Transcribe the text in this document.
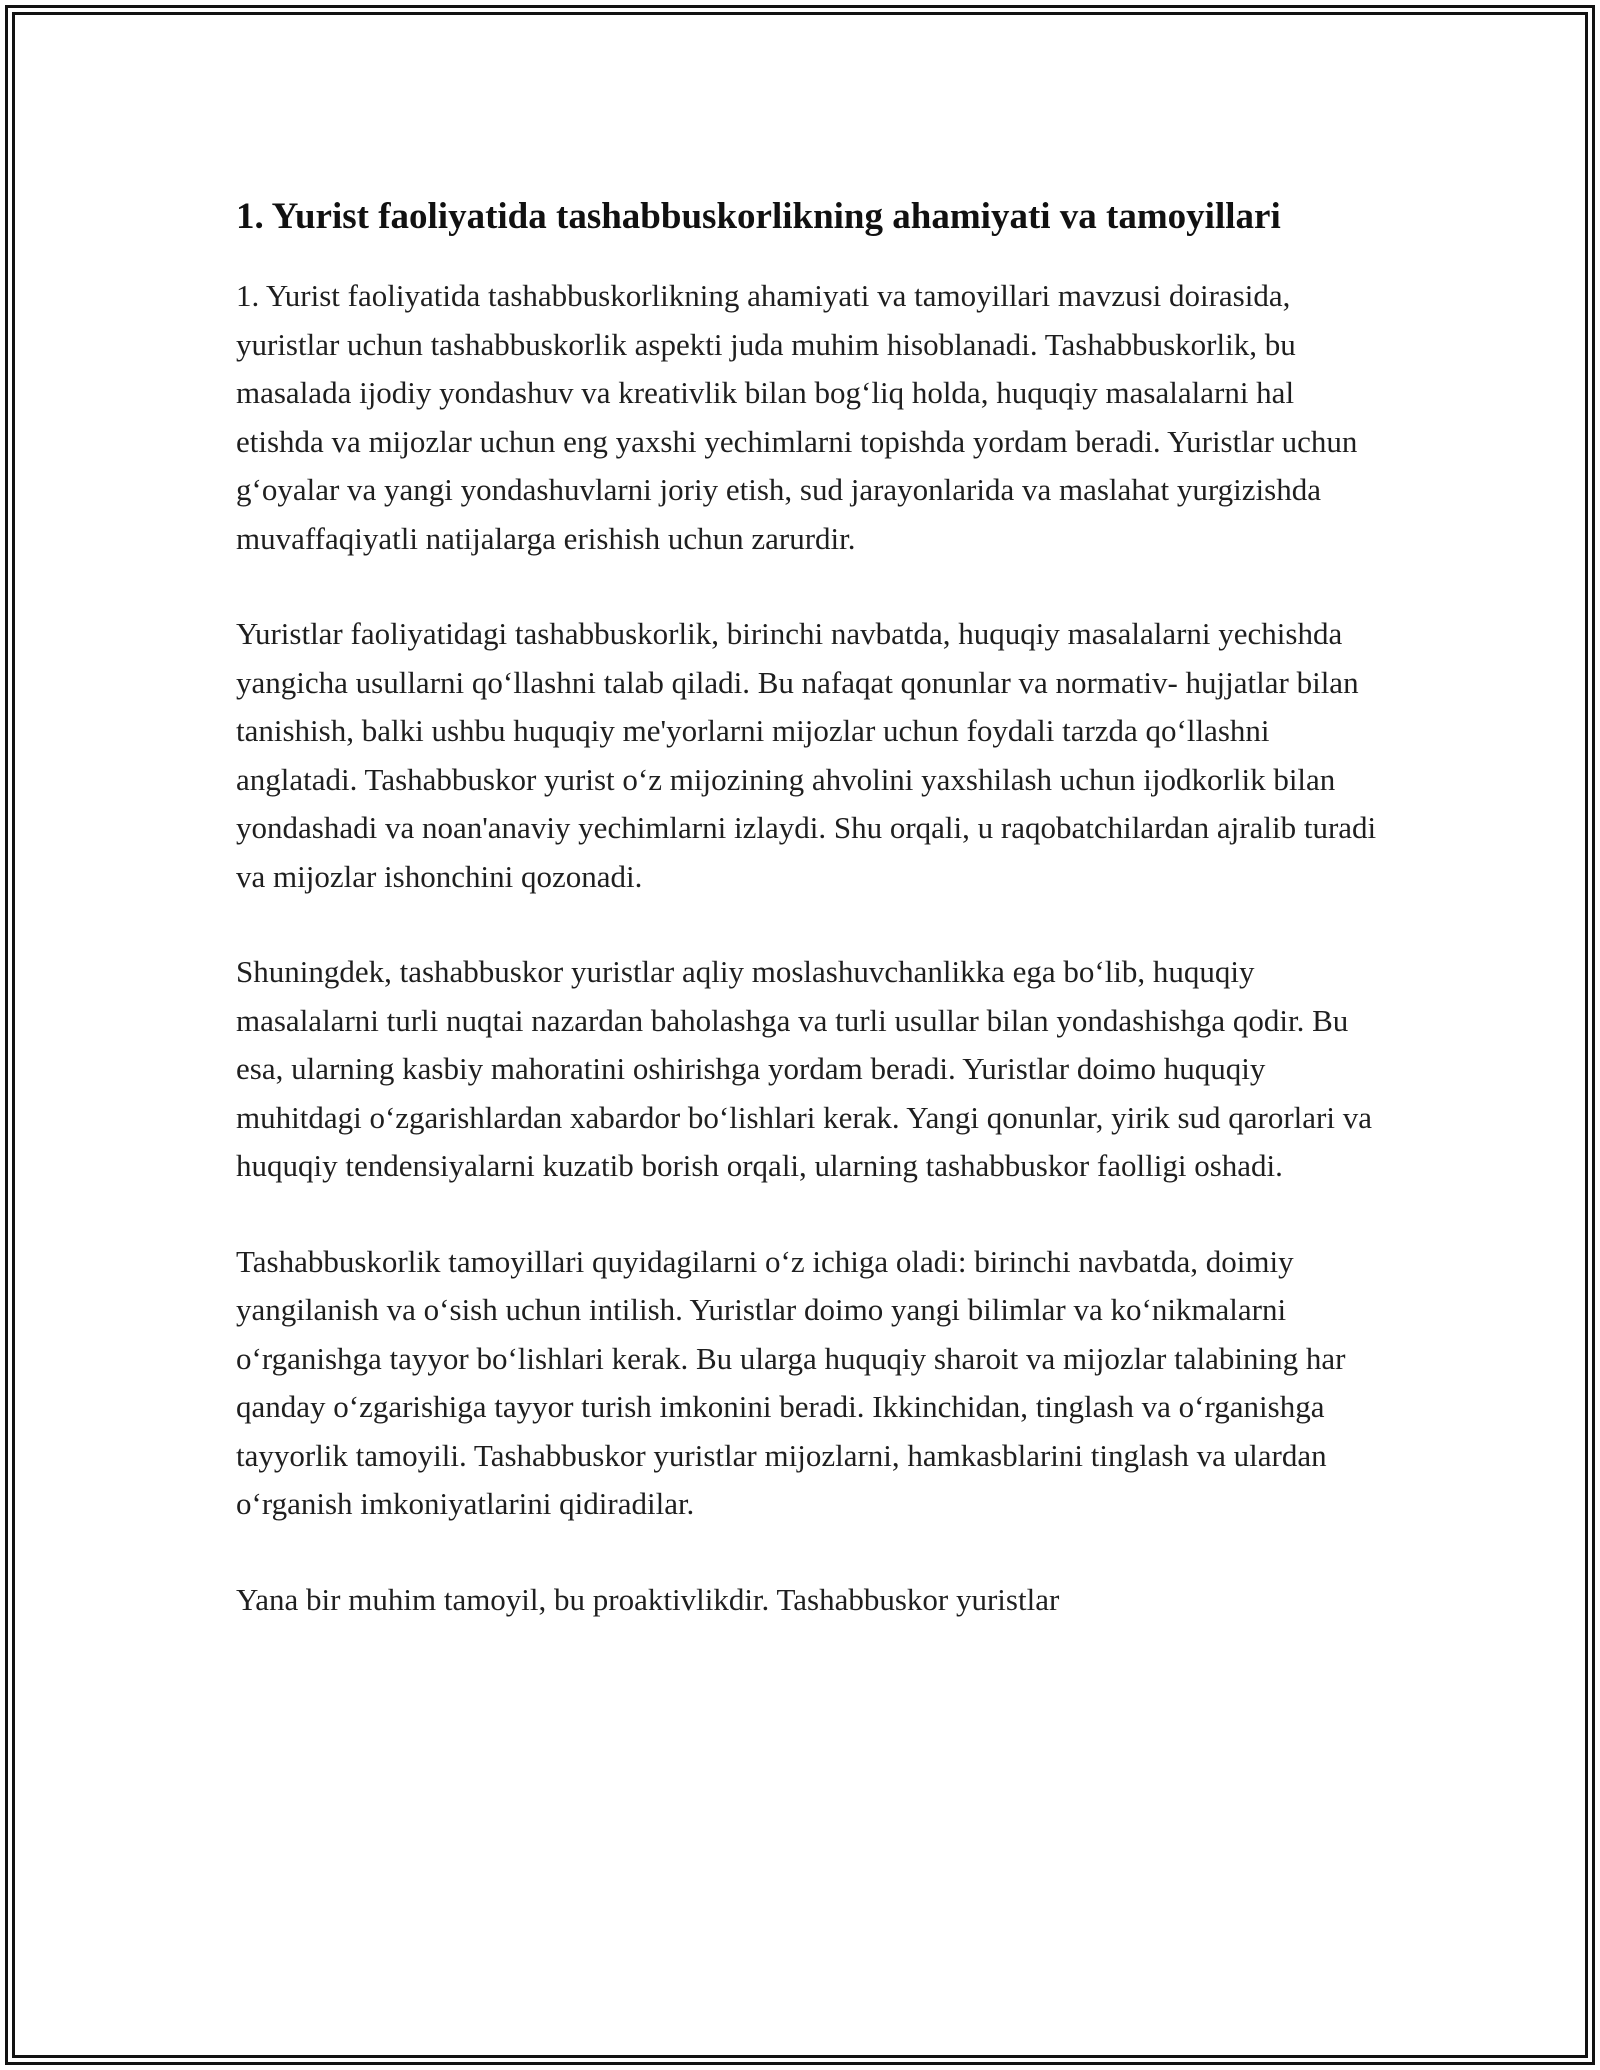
1. Yurist faoliyatida tashabbuskorlikning ahamiyati va tamoyillari

1. Yurist faoliyatida tashabbuskorlikning ahamiyati va tamoyillari mavzusi doirasida, yuristlar uchun tashabbuskorlik aspekti juda muhim hisoblanadi. Tashabbuskorlik, bu masalada ijodiy yondashuv va kreativlik bilan bog‘liq holda, huquqiy masalalarni hal etishda va mijozlar uchun eng yaxshi yechimlarni topishda yordam beradi. Yuristlar uchun g‘oyalar va yangi yondashuvlarni joriy etish, sud jarayonlarida va maslahat yurgizishda muvaffaqiyatli natijalarga erishish uchun zarurdir.

Yuristlar faoliyatidagi tashabbuskorlik, birinchi navbatda, huquqiy masalalarni yechishda yangicha usullarni qo‘llashni talab qiladi. Bu nafaqat qonunlar va normativ- hujjatlar bilan tanishish, balki ushbu huquqiy me'yorlarni mijozlar uchun foydali tarzda qo‘llashni anglatadi. Tashabbuskor yurist o‘z mijozining ahvolini yaxshilash uchun ijodkorlik bilan yondashadi va noan'anaviy yechimlarni izlaydi. Shu orqali, u raqobatchilardan ajralib turadi va mijozlar ishonchini qozonadi.

Shuningdek, tashabbuskor yuristlar aqliy moslashuvchanlikka ega bo‘lib, huquqiy masalalarni turli nuqtai nazardan baholashga va turli usullar bilan yondashishga qodir. Bu esa, ularning kasbiy mahoratini oshirishga yordam beradi. Yuristlar doimo huquqiy muhitdagi o‘zgarishlardan xabardor bo‘lishlari kerak. Yangi qonunlar, yirik sud qarorlari va huquqiy tendensiyalarni kuzatib borish orqali, ularning tashabbuskor faolligi oshadi.

Tashabbuskorlik tamoyillari quyidagilarni o‘z ichiga oladi: birinchi navbatda, doimiy yangilanish va o‘sish uchun intilish. Yuristlar doimo yangi bilimlar va ko‘nikmalarni o‘rganishga tayyor bo‘lishlari kerak. Bu ularga huquqiy sharoit va mijozlar talabining har qanday o‘zgarishiga tayyor turish imkonini beradi. Ikkinchidan, tinglash va o‘rganishga tayyorlik tamoyili. Tashabbuskor yuristlar mijozlarni, hamkasblarini tinglash va ulardan o‘rganish imkoniyatlarini qidiradilar.

Yana bir muhim tamoyil, bu proaktivlikdir. Tashabbuskor yuristlar
